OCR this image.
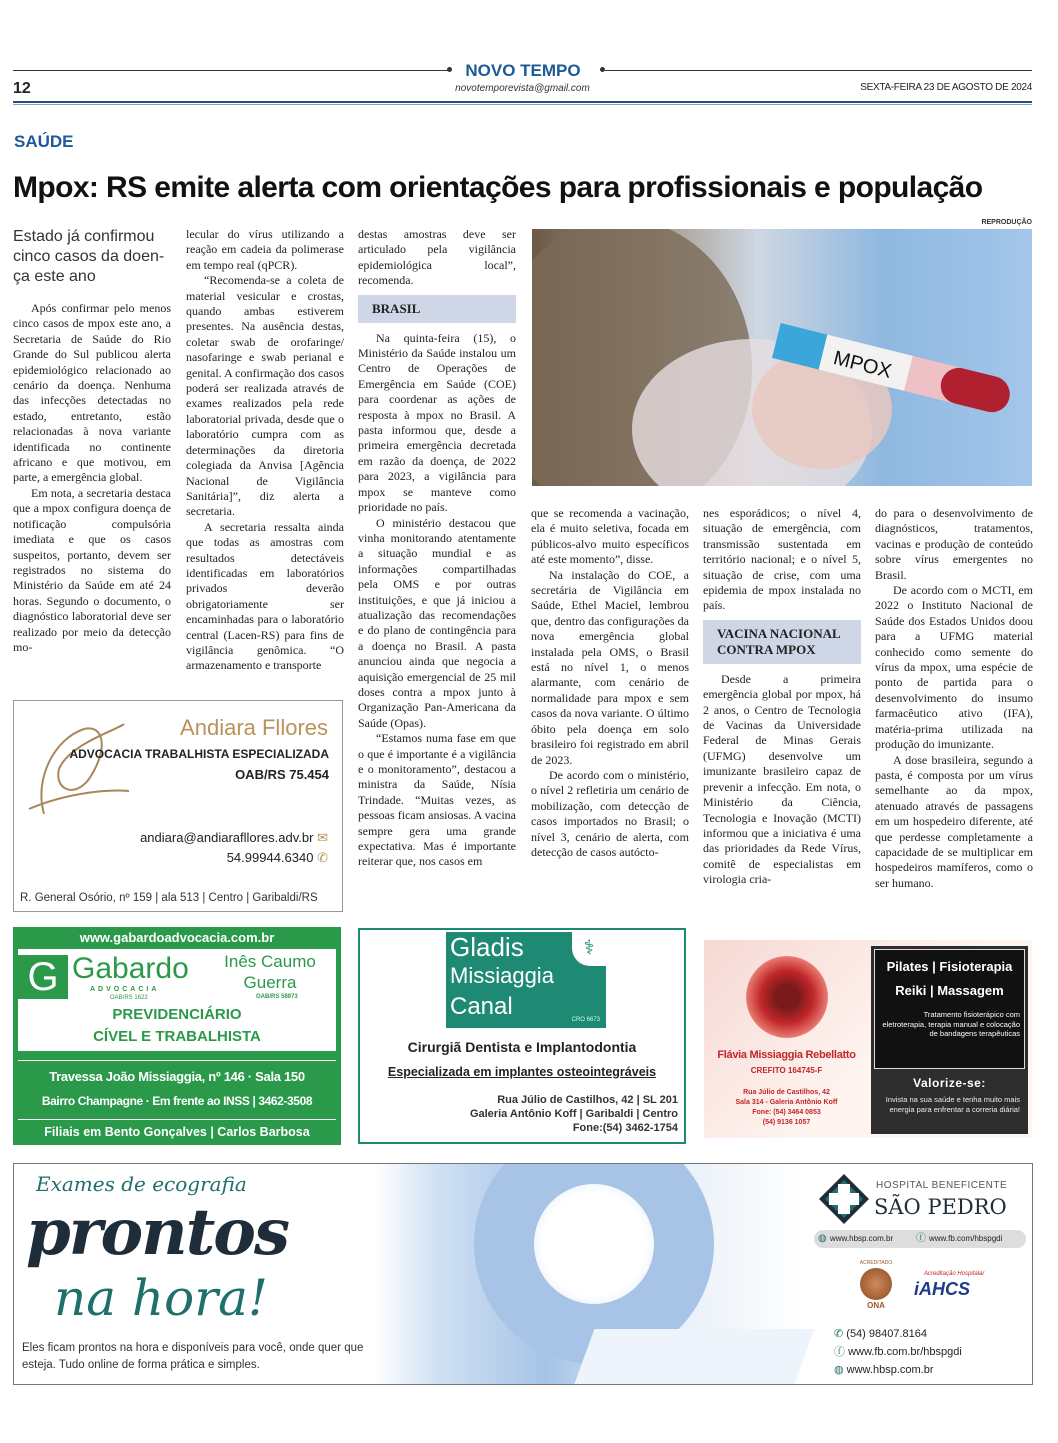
NOVO TEMPO
novotemporevista@gmail.com
12	SEXTA-FEIRA 23 DE AGOSTO DE 2024
SAÚDE
Mpox: RS emite alerta com orientações para profissionais e população
REPRODUÇÃO
Estado já confirmou cinco casos da doen-ça este ano

Após confirmar pelo menos cinco casos de mpox este ano, a Secretaria de Saúde do Rio Grande do Sul publicou alerta epidemiológico relacionado ao cenário da doença. Nenhuma das infecções detectadas no estado, entretanto, estão relacionadas à nova variante identificada no continente africano e que motivou, em parte, a emergência global.

Em nota, a secretaria destaca que a mpox configura doença de notificação compulsória imediata e que os casos suspeitos, portanto, devem ser registrados no sistema do Ministério da Saúde em até 24 horas. Segundo o documento, o diagnóstico laboratorial deve ser realizado por meio da detecção mo-

lecular do vírus utilizando a reação em cadeia da polimerase em tempo real (qPCR).

“Recomenda-se a coleta de material vesicular e crostas, quando ambas estiverem presentes. Na ausência destas, coletar swab de orofaringe/ nasofaringe e swab perianal e genital. A confirmação dos casos poderá ser realizada através de exames realizados pela rede laboratorial privada, desde que o laboratório cumpra com as determinações da diretoria colegiada da Anvisa [Agência Nacional de Vigilância Sanitária]”, diz alerta a secretaria.

A secretaria ressalta ainda que todas as amostras com resultados detectáveis identificadas em laboratórios privados deverão obrigatoriamente ser encaminhadas para o laboratório central (Lacen-RS) para fins de vigilância genômica. “O armazenamento e transporte

destas amostras deve ser articulado pela vigilância epidemiológica local”, recomenda.

BRASIL

Na quinta-feira (15), o Ministério da Saúde instalou um Centro de Operações de Emergência em Saúde (COE) para coordenar as ações de resposta à mpox no Brasil. A pasta informou que, desde a primeira emergência decretada em razão da doença, de 2022 para 2023, a vigilância para mpox se manteve como prioridade no país.

O ministério destacou que vinha monitorando atentamente a situação mundial e as informações compartilhadas pela OMS e por outras instituições, e que já iniciou a atualização das recomendações e do plano de contingência para a doença no Brasil. A pasta anunciou ainda que negocia a aquisição emergencial de 25 mil doses contra a mpox junto à Organização Pan-Americana da Saúde (Opas).

“Estamos numa fase em que o que é importante é a vigilância e o monitoramento”, destacou a ministra da Saúde, Nísia Trindade. “Muitas vezes, as pessoas ficam ansiosas. A vacina sempre gera uma grande expectativa. Mas é importante reiterar que, nos casos em

MPOX

que se recomenda a vacinação, ela é muito seletiva, focada em públicos-alvo muito específicos até este momento”, disse.

Na instalação do COE, a secretária de Vigilância em Saúde, Ethel Maciel, lembrou que, dentro das configurações da nova emergência global instalada pela OMS, o Brasil está no nível 1, o menos alarmante, com cenário de normalidade para mpox e sem casos da nova variante. O último óbito pela doença em solo brasileiro foi registrado em abril de 2023.

De acordo com o ministério, o nível 2 refletiria um cenário de mobilização, com detecção de casos importados no Brasil; o nível 3, cenário de alerta, com detecção de casos autócto-

nes esporádicos; o nível 4, situação de emergência, com transmissão sustentada em território nacional; e o nível 5, situação de crise, com uma epidemia de mpox instalada no país.

VACINA NACIONAL CONTRA MPOX

Desde a primeira emergência global por mpox, há 2 anos, o Centro de Tecnologia de Vacinas da Universidade Federal de Minas Gerais (UFMG) desenvolve um imunizante brasileiro capaz de prevenir a infecção. Em nota, o Ministério da Ciência, Tecnologia e Inovação (MCTI) informou que a iniciativa é uma das prioridades da Rede Vírus, comitê de especialistas em virologia cria-

do para o desenvolvimento de diagnósticos, tratamentos, vacinas e produção de conteúdo sobre vírus emergentes no Brasil.

De acordo com o MCTI, em 2022 o Instituto Nacional de Saúde dos Estados Unidos doou para a UFMG material conhecido como semente do vírus da mpox, uma espécie de ponto de partida para o desenvolvimento do insumo farmacêutico ativo (IFA), matéria-prima utilizada na produção do imunizante.

A dose brasileira, segundo a pasta, é composta por um vírus semelhante ao da mpox, atenuado através de passagens em um hospedeiro diferente, até que perdesse completamente a capacidade de se multiplicar em hospedeiros mamíferos, como o ser humano.

Andiara Fllores
ADVOCACIA TRABALHISTA ESPECIALIZADA
OAB/RS 75.454
andiara@andiarafllores.adv.br ✉
54.99944.6340 ✆
R. General Osório, nº 159 | ala 513 | Centro | Garibaldi/RS
www.gabardoadvocacia.com.br
G Gabardo
ADVOCACIA
OAB/RS 1622
Inês Caumo Guerra
OAB/RS 58973
PREVIDENCIÁRIO
CÍVEL E TRABALHISTA
Travessa João Missiaggia, nº 146 · Sala 150
Bairro Champagne · Em frente ao INSS | 3462-3508
Filiais em Bento Gonçalves | Carlos Barbosa
Gladis
Missiaggia
Canal	CRO 6673
⚕
Cirurgiã Dentista e Implantodontia
Especializada em implantes osteointegráveis
Rua Júlio de Castilhos, 42 | SL 201
Galeria Antônio Koff | Garibaldi | Centro
Fone:(54) 3462-1754
Flávia Missiaggia Rebellatto
CREFITO 164745-F
Rua Júlio de Castilhos, 42
Sala 314 - Galeria Antônio Koff
Fone: (54) 3464 0853
(54) 9136 1057
Pilates | Fisioterapia
Reiki | Massagem
Tratamento fisioterápico com eletroterapia, terapia manual e colocação de bandagens terapêuticas
Valorize-se:
Invista na sua saúde e tenha muito mais energia para enfrentar a correria diária!
Exames de ecografia
prontos
na hora!
Eles ficam prontos na hora e disponíveis para você, onde quer que esteja. Tudo online de forma prática e simples.
HOSPITAL BENEFICENTE
SÃO PEDRO
◍ www.hbsp.com.br ⓕ www.fb.com/hbspgdi
ACREDITADO
ONA
Acreditação Hospitalar
iAHCS
✆ (54) 98407.8164
ⓕ www.fb.com.br/hbspgdi
◍ www.hbsp.com.br
